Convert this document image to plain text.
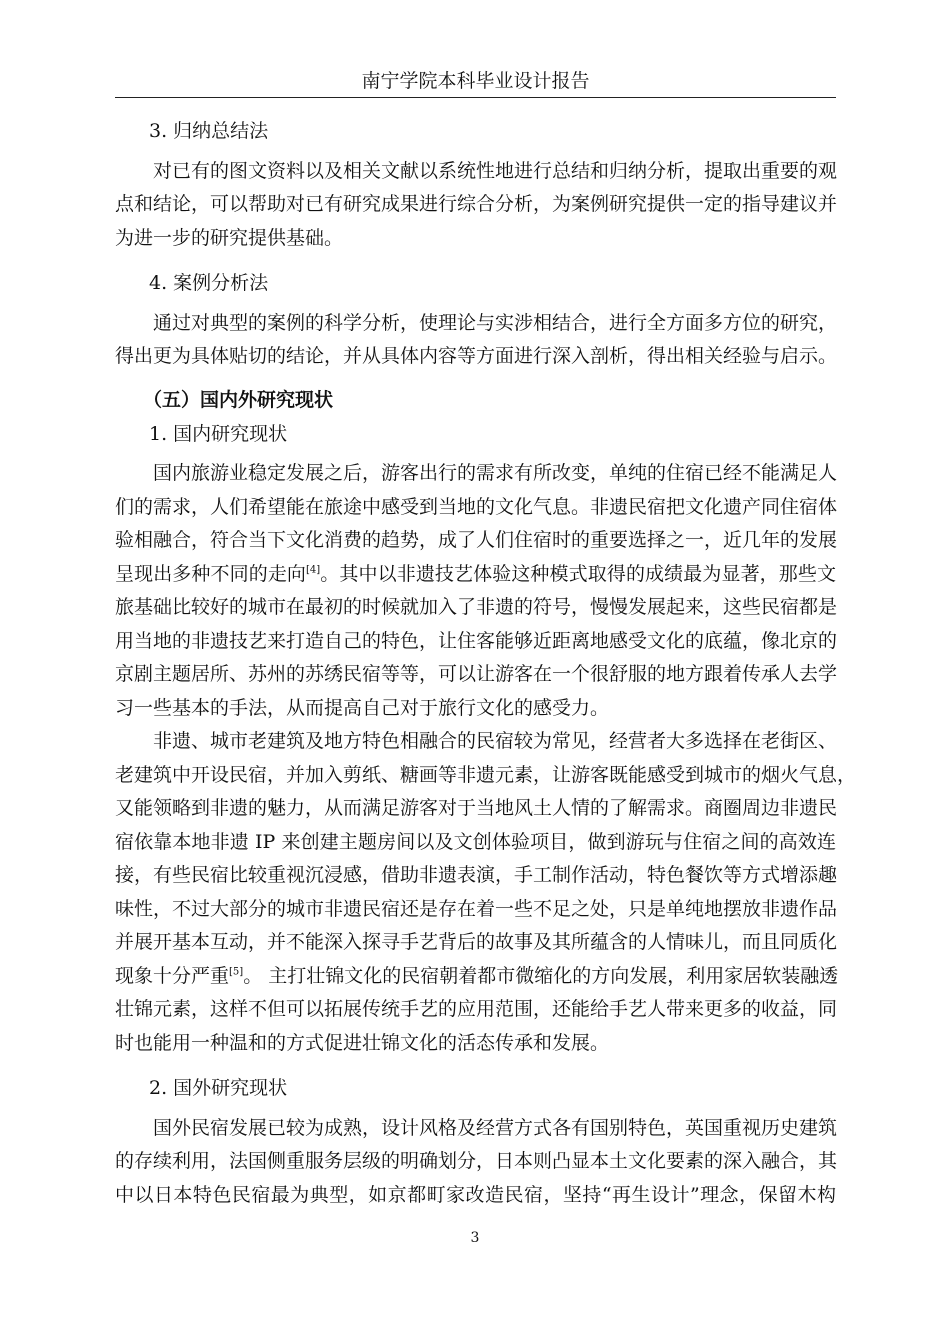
南宁学院本科毕业设计报告
3. 归纳总结法
对已有的图文资料以及相关文献以系统性地进行总结和归纳分析，提取出重要的观
点和结论，可以帮助对已有研究成果进行综合分析，为案例研究提供一定的指导建议并
为进一步的研究提供基础。
4. 案例分析法
通过对典型的案例的科学分析，使理论与实涉相结合，进行全方面多方位的研究，
得出更为具体贴切的结论，并从具体内容等方面进行深入剖析，得出相关经验与启示。
（五）国内外研究现状
1. 国内研究现状
国内旅游业稳定发展之后，游客出行的需求有所改变，单纯的住宿已经不能满足人
们的需求，人们希望能在旅途中感受到当地的文化气息。非遗民宿把文化遗产同住宿体
验相融合，符合当下文化消费的趋势，成了人们住宿时的重要选择之一，近几年的发展
呈现出多种不同的走向[4]。其中以非遗技艺体验这种模式取得的成绩最为显著，那些文
旅基础比较好的城市在最初的时候就加入了非遗的符号，慢慢发展起来，这些民宿都是
用当地的非遗技艺来打造自己的特色，让住客能够近距离地感受文化的底蕴，像北京的
京剧主题居所、苏州的苏绣民宿等等，可以让游客在一个很舒服的地方跟着传承人去学
习一些基本的手法，从而提高自己对于旅行文化的感受力。
非遗、城市老建筑及地方特色相融合的民宿较为常见，经营者大多选择在老街区、
老建筑中开设民宿，并加入剪纸、糖画等非遗元素，让游客既能感受到城市的烟火气息，
又能领略到非遗的魅力，从而满足游客对于当地风土人情的了解需求。商圈周边非遗民
宿依靠本地非遗 IP 来创建主题房间以及文创体验项目，做到游玩与住宿之间的高效连
接，有些民宿比较重视沉浸感，借助非遗表演，手工制作活动，特色餐饮等方式增添趣
味性，不过大部分的城市非遗民宿还是存在着一些不足之处，只是单纯地摆放非遗作品
并展开基本互动，并不能深入探寻手艺背后的故事及其所蕴含的人情味儿，而且同质化
现象十分严重[5]。 主打壮锦文化的民宿朝着都市微缩化的方向发展，利用家居软装融透
壮锦元素，这样不但可以拓展传统手艺的应用范围，还能给手艺人带来更多的收益，同
时也能用一种温和的方式促进壮锦文化的活态传承和发展。
2. 国外研究现状
国外民宿发展已较为成熟，设计风格及经营方式各有国别特色，英国重视历史建筑
的存续利用，法国侧重服务层级的明确划分，日本则凸显本土文化要素的深入融合，其
中以日本特色民宿最为典型，如京都町家改造民宿，坚持“再生设计”理念，保留木构
3
